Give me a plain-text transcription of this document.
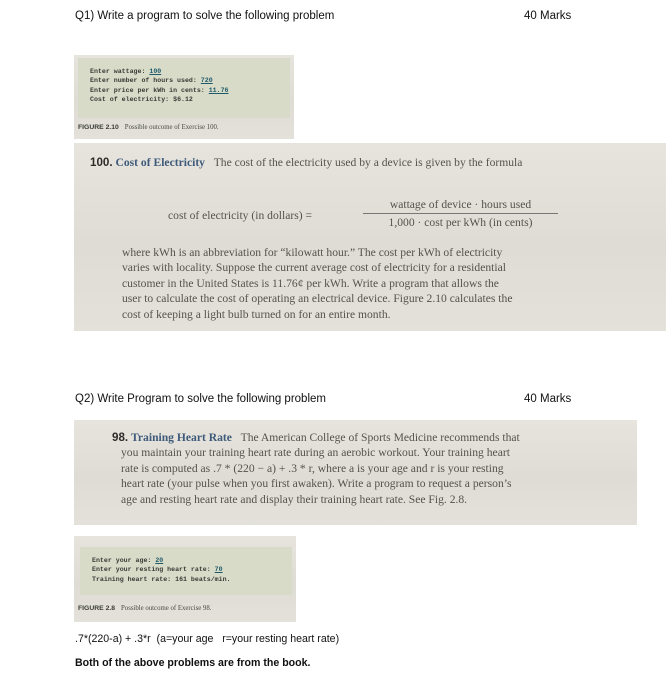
Q1) Write a program to solve the following problem	40 Marks
Enter wattage: 100
Enter number of hours used: 720
Enter price per kWh in cents: 11.76
Cost of electricity: $6.12
FIGURE 2.10 Possible outcome of Exercise 100.
100. Cost of Electricity The cost of the electricity used by a device is given by the formula
cost of electricity (in dollars) =
wattage of device · hours used
1,000 · cost per kWh (in cents)
where kWh is an abbreviation for “kilowatt hour.” The cost per kWh of electricity
varies with locality. Suppose the current average cost of electricity for a residential
customer in the United States is 11.76¢ per kWh. Write a program that allows the
user to calculate the cost of operating an electrical device. Figure 2.10 calculates the
cost of keeping a light bulb turned on for an entire month.
Q2) Write Program to solve the following problem	40 Marks
98. Training Heart Rate The American College of Sports Medicine recommends that
you maintain your training heart rate during an aerobic workout. Your training heart
rate is computed as .7 * (220 − a) + .3 * r, where a is your age and r is your resting
heart rate (your pulse when you first awaken). Write a program to request a person’s
age and resting heart rate and display their training heart rate. See Fig. 2.8.
Enter your age: 20
Enter your resting heart rate: 70
Training heart rate: 161 beats/min.
FIGURE 2.8 Possible outcome of Exercise 98.
.7*(220-a) + .3*r  (a=your age   r=your resting heart rate)
Both of the above problems are from the book.
